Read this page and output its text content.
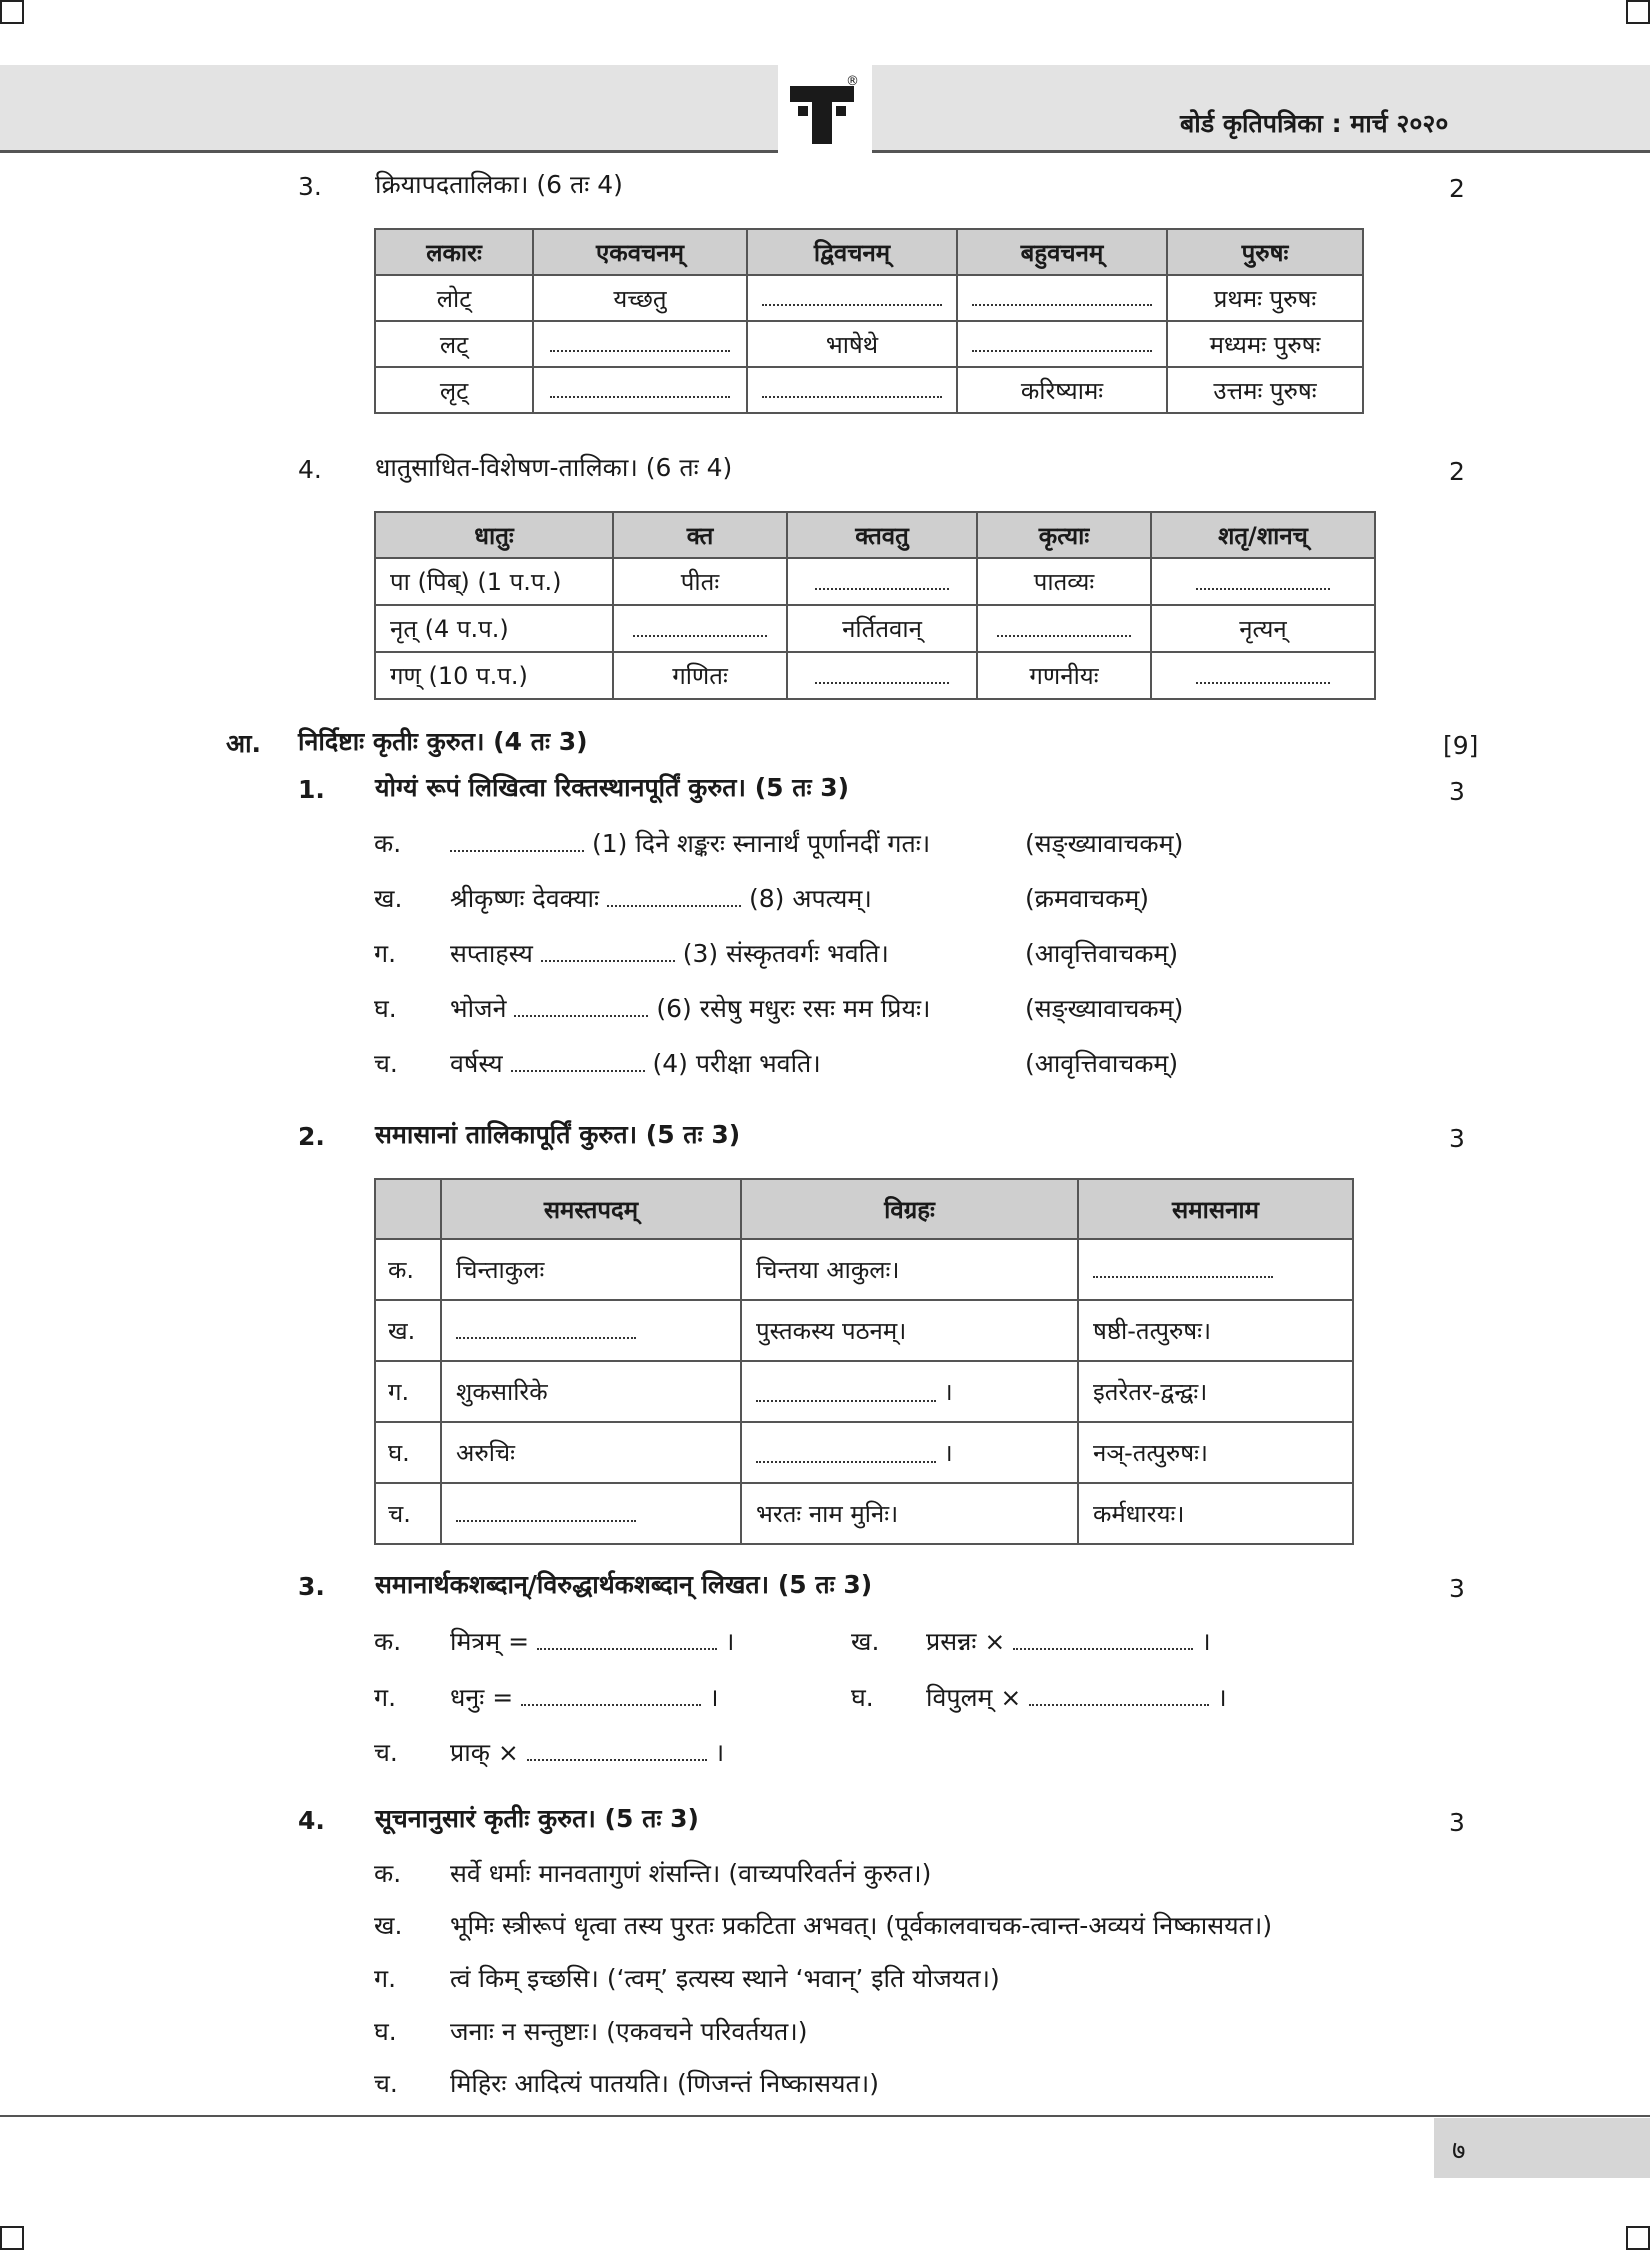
®
बोर्ड कृतिपत्रिका : मार्च २०२०
3. क्रियापदतालिका। (6 तः 4)	2
लकारः	एकवचनम्	द्विवचनम्	बहुवचनम्	पुरुषः
लोट्	यच्छतु			प्रथमः पुरुषः
लट्		भाषेथे		मध्यमः पुरुषः
लृट्			करिष्यामः	उत्तमः पुरुषः
4. धातुसाधित-विशेषण-तालिका। (6 तः 4)	2
धातुः	क्त	क्तवतु	कृत्याः	शतृ/शानच्
पा (पिब्) (1 प.प.)	पीतः		पातव्यः	
नृत् (4 प.प.)		नर्तितवान्		नृत्यन्
गण् (10 प.प.)	गणितः		गणनीयः	
आ. निर्दिष्टाः कृतीः कुरुत। (4 तः 3)	[9]
1. योग्यं रूपं लिखित्वा रिक्तस्थानपूर्तिं कुरुत। (5 तः 3)	3
क.	(1) दिने शङ्करः स्नानार्थं पूर्णानदीं गतः।	(सङ्ख्यावाचकम्)
ख. श्रीकृष्णः देवक्याः	(8) अपत्यम्।	(क्रमवाचकम्)
ग. सप्ताहस्य	(3) संस्कृतवर्गः भवति।	(आवृत्तिवाचकम्)
घ. भोजने	(6) रसेषु मधुरः रसः मम प्रियः।	(सङ्ख्यावाचकम्)
च. वर्षस्य	(4) परीक्षा भवति।	(आवृत्तिवाचकम्)
2. समासानां तालिकापूर्तिं कुरुत। (5 तः 3)	3
	समस्तपदम्	विग्रहः	समासनाम
क.	चिन्ताकुलः	चिन्तया आकुलः।	
ख.		पुस्तकस्य पठनम्।	षष्ठी-तत्पुरुषः।
ग.	शुकसारिके	।	इतरेतर-द्वन्द्वः।
घ.	अरुचिः	।	नञ्-तत्पुरुषः।
च.		भरतः नाम मुनिः।	कर्मधारयः।
3. समानार्थकशब्दान्/विरुद्धार्थकशब्दान् लिखत। (5 तः 3)	3
क. मित्रम् =	।	ख. प्रसन्नः ×	।
ग. धनुः =	।	घ. विपुलम् ×	।
च. प्राक् ×	।
4. सूचनानुसारं कृतीः कुरुत। (5 तः 3)	3
क. सर्वे धर्माः मानवतागुणं शंसन्ति। (वाच्यपरिवर्तनं कुरुत।)
ख. भूमिः स्त्रीरूपं धृत्वा तस्य पुरतः प्रकटिता अभवत्। (पूर्वकालवाचक-त्वान्त-अव्ययं निष्कासयत।)
ग. त्वं किम् इच्छसि। (‘त्वम्’ इत्यस्य स्थाने ‘भवान्’ इति योजयत।)
घ. जनाः न सन्तुष्टाः। (एकवचने परिवर्तयत।)
च. मिहिरः आदित्यं पातयति। (णिजन्तं निष्कासयत।)
७
